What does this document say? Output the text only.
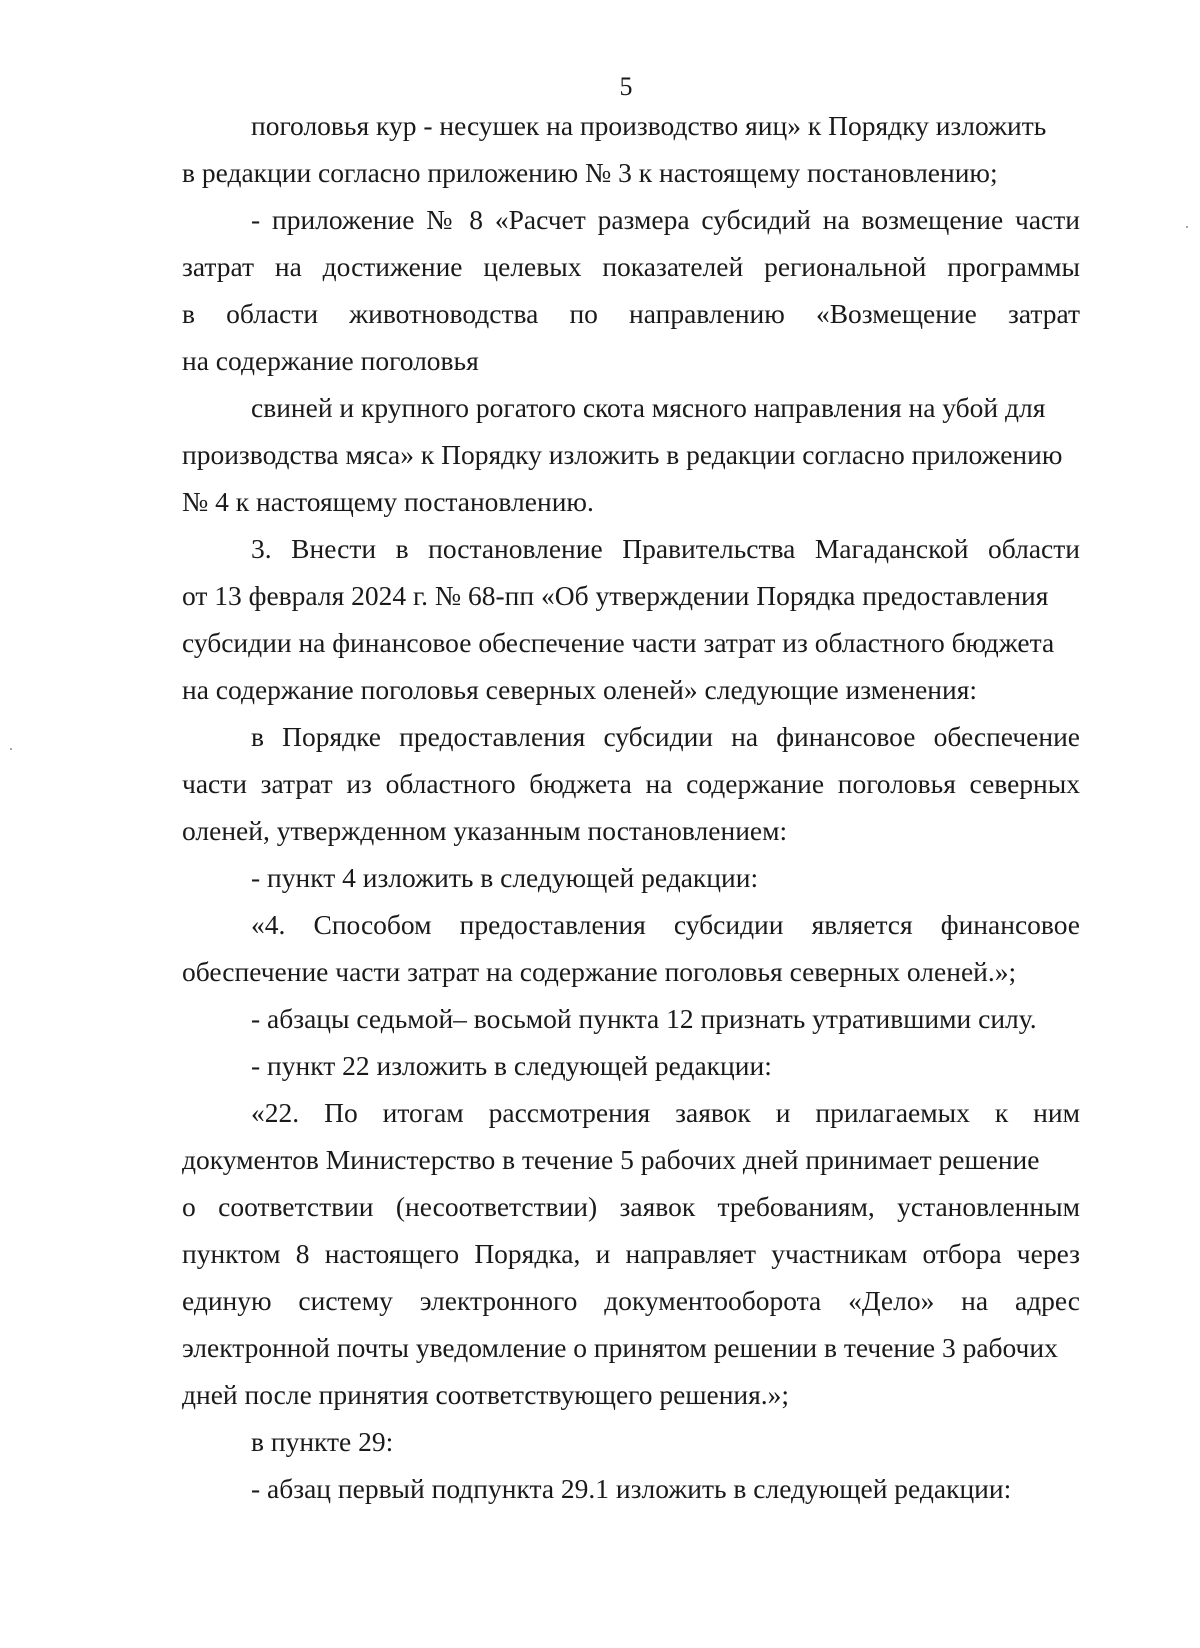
5
поголовья кур - несушек на производство яиц» к Порядку изложить
в редакции согласно приложению № 3 к настоящему постановлению;
- приложение № 8 «Расчет размера субсидий на возмещение части
затрат на достижение целевых показателей региональной программы
в области животноводства по направлению «Возмещение затрат
на содержание поголовья
свиней и крупного рогатого скота мясного направления на убой для
производства мяса» к Порядку изложить в редакции согласно приложению
№ 4 к настоящему постановлению.
3. Внести в постановление Правительства Магаданской области
от 13 февраля 2024 г. № 68-пп «Об утверждении Порядка предоставления
субсидии на финансовое обеспечение части затрат из областного бюджета
на содержание поголовья северных оленей» следующие изменения:
в Порядке предоставления субсидии на финансовое обеспечение
части затрат из областного бюджета на содержание поголовья северных
оленей, утвержденном указанным постановлением:
- пункт 4 изложить в следующей редакции:
«4. Способом предоставления субсидии является финансовое
обеспечение части затрат на содержание поголовья северных оленей.»;
- абзацы седьмой– восьмой пункта 12 признать утратившими силу.
- пункт 22 изложить в следующей редакции:
«22. По итогам рассмотрения заявок и прилагаемых к ним
документов Министерство в течение 5 рабочих дней принимает решение
о соответствии (несоответствии) заявок требованиям, установленным
пунктом 8 настоящего Порядка, и направляет участникам отбора через
единую систему электронного документооборота «Дело» на адрес
электронной почты уведомление о принятом решении в течение 3 рабочих
дней после принятия соответствующего решения.»;
в пункте 29:
- абзац первый подпункта 29.1 изложить в следующей редакции:
